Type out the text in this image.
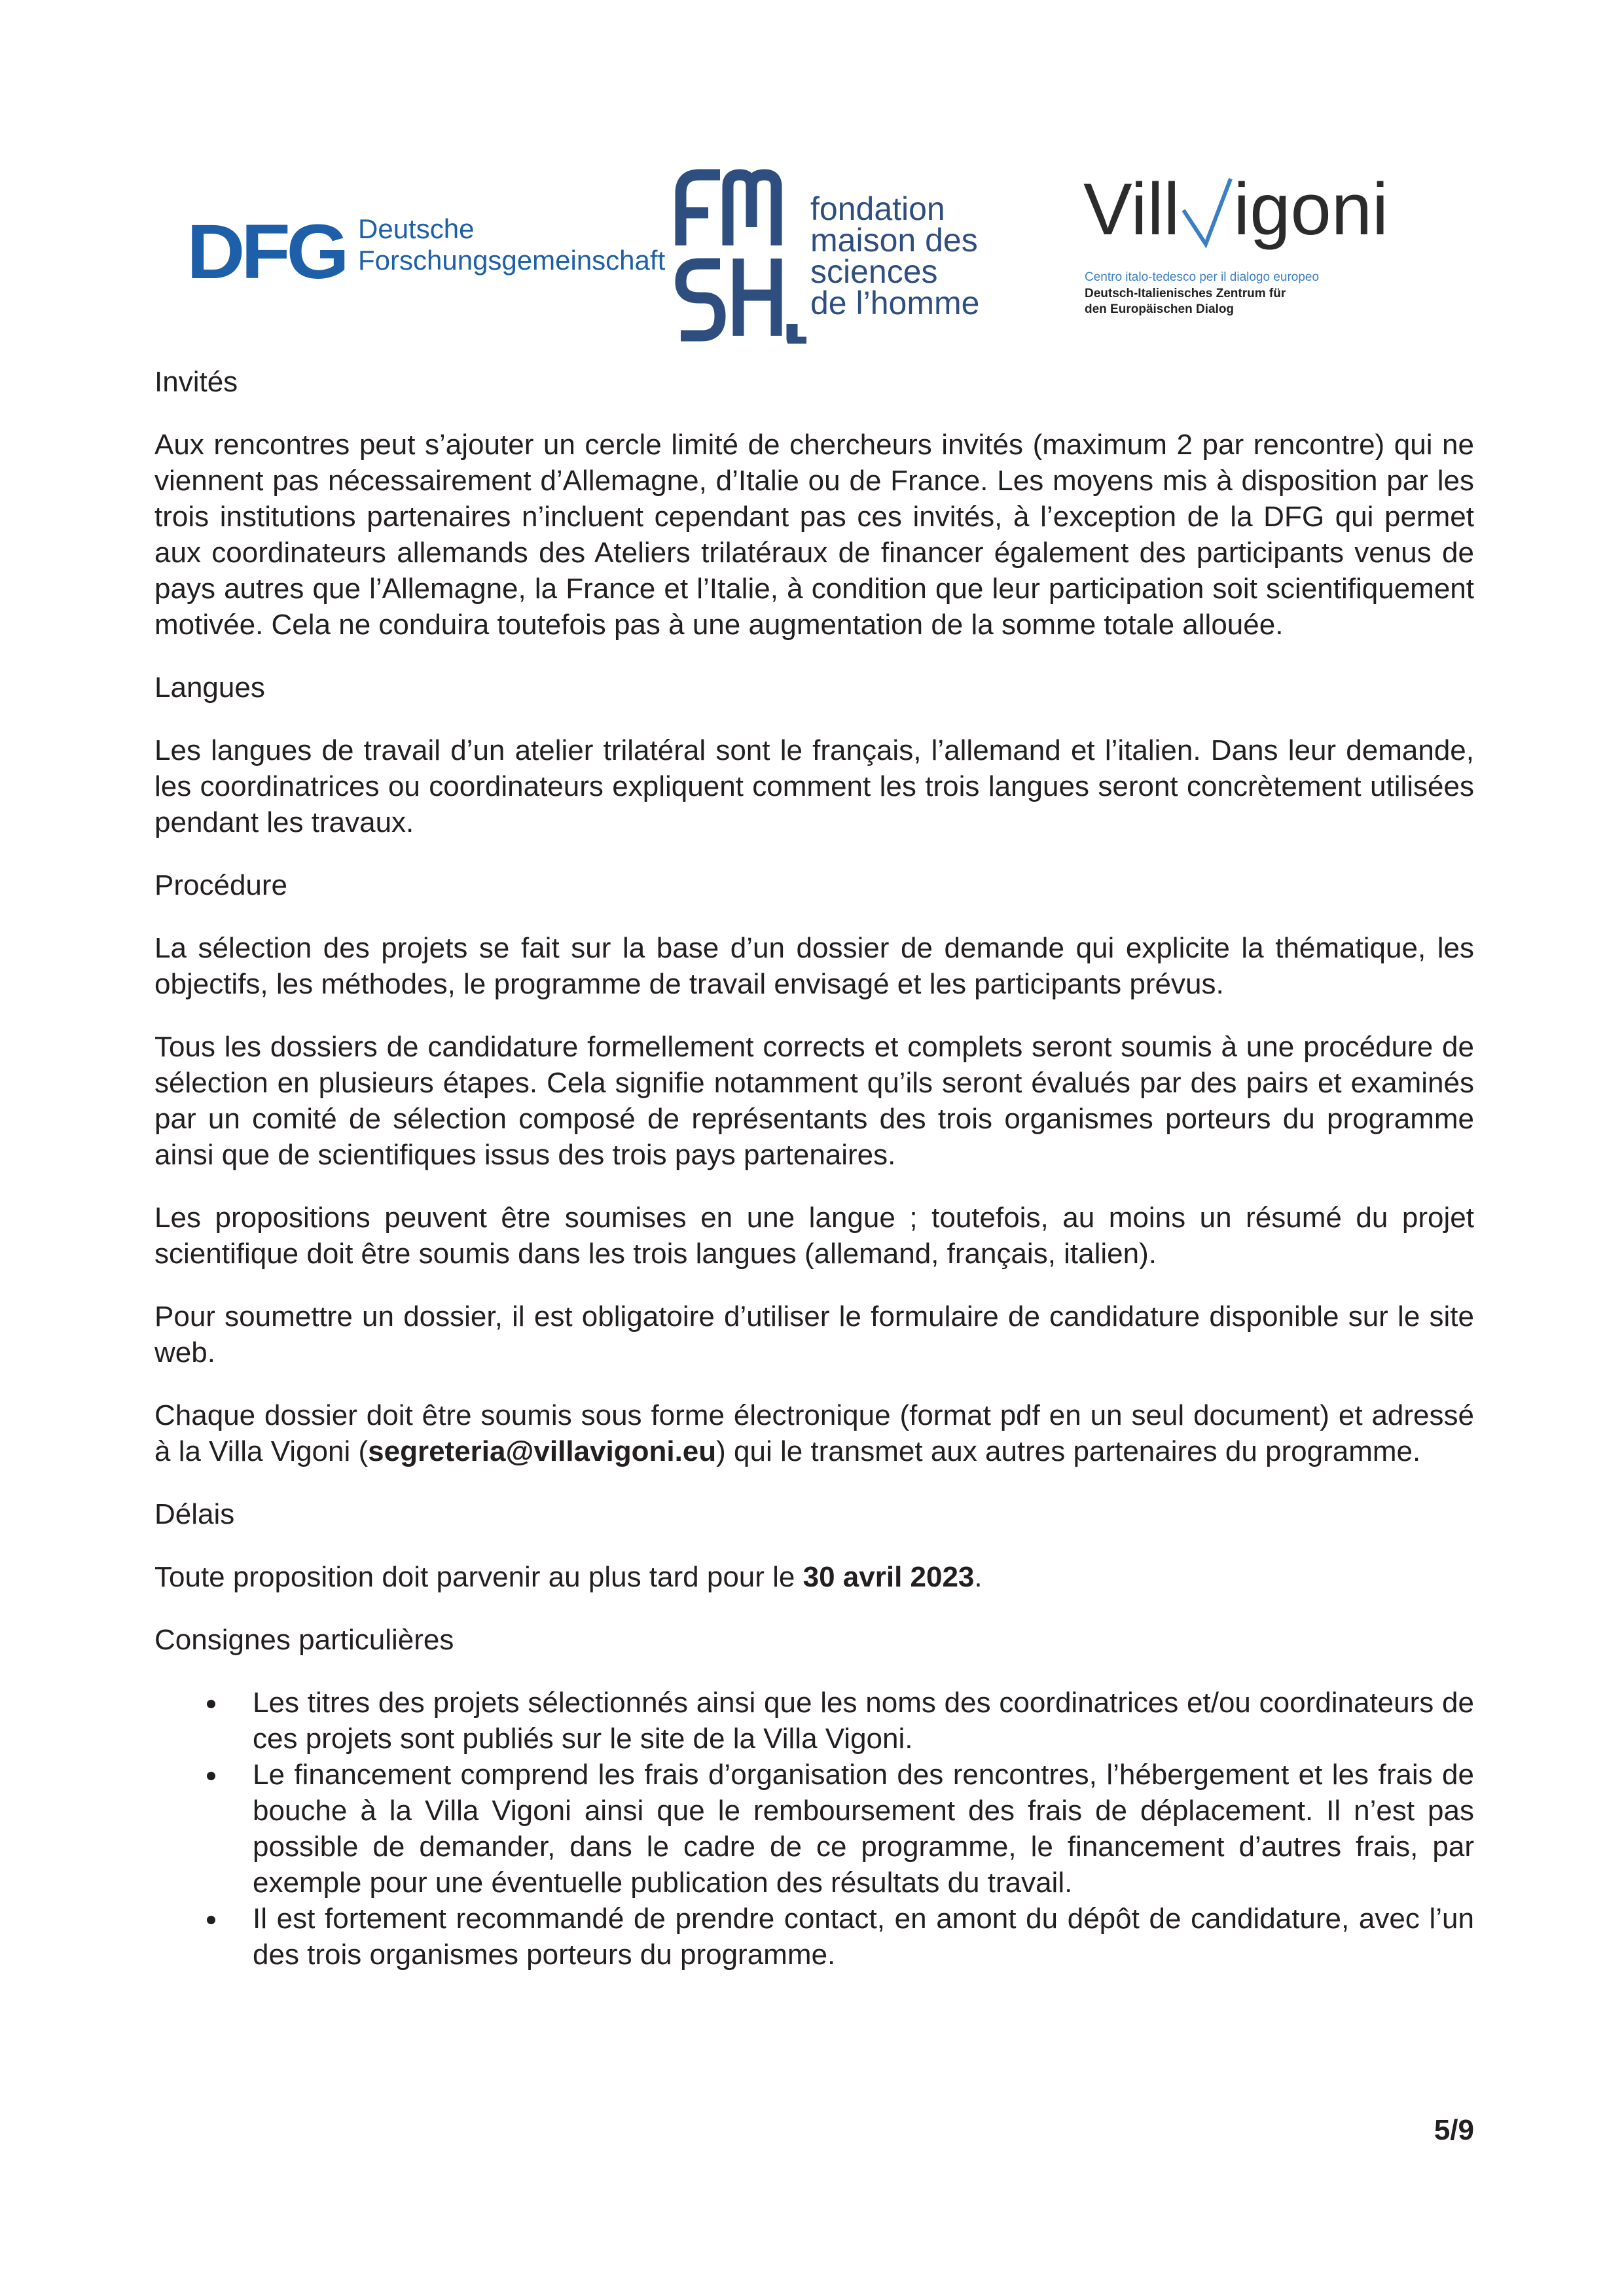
DFG Deutsche
Forschungsgemeinschaft
fondation
maison des
sciences
de l’homme
Vill igoni
Centro italo-tedesco per il dialogo europeo
Deutsch-Italienisches Zentrum für
den Europäischen Dialog

Invités

Aux rencontres peut s’ajouter un cercle limité de chercheurs invités (maximum 2 par rencontre) qui ne viennent pas nécessairement d’Allemagne, d’Italie ou de France. Les moyens mis à disposition par les trois institutions partenaires n’incluent cependant pas ces invités, à l’exception de la DFG qui permet aux coordinateurs allemands des Ateliers trilatéraux de financer également des participants venus de pays autres que l’Allemagne, la France et l’Italie, à condition que leur participation soit scientifiquement motivée. Cela ne conduira toutefois pas à une augmentation de la somme totale allouée.

Langues

Les langues de travail d’un atelier trilatéral sont le français, l’allemand et l’italien. Dans leur demande, les coordinatrices ou coordinateurs expliquent comment les trois langues seront concrètement utilisées pendant les travaux.

Procédure

La sélection des projets se fait sur la base d’un dossier de demande qui explicite la thématique, les objectifs, les méthodes, le programme de travail envisagé et les participants prévus.

Tous les dossiers de candidature formellement corrects et complets seront soumis à une procédure de sélection en plusieurs étapes. Cela signifie notamment qu’ils seront évalués par des pairs et examinés par un comité de sélection composé de représentants des trois organismes porteurs du programme ainsi que de scientifiques issus des trois pays partenaires.

Les propositions peuvent être soumises en une langue ; toutefois, au moins un résumé du projet scientifique doit être soumis dans les trois langues (allemand, français, italien).

Pour soumettre un dossier, il est obligatoire d’utiliser le formulaire de candidature disponible sur le site web.

Chaque dossier doit être soumis sous forme électronique (format pdf en un seul document) et adressé à la Villa Vigoni (segreteria@villavigoni.eu) qui le transmet aux autres partenaires du programme.

Délais

Toute proposition doit parvenir au plus tard pour le 30 avril 2023.

Consignes particulières

Les titres des projets sélectionnés ainsi que les noms des coordinatrices et/ou coordinateurs de ces projets sont publiés sur le site de la Villa Vigoni.
Le financement comprend les frais d’organisation des rencontres, l’hébergement et les frais de bouche à la Villa Vigoni ainsi que le remboursement des frais de déplacement. Il n’est pas possible de demander, dans le cadre de ce programme, le financement d’autres frais, par exemple pour une éventuelle publication des résultats du travail.
Il est fortement recommandé de prendre contact, en amont du dépôt de candidature, avec l’un des trois organismes porteurs du programme.
5/9
